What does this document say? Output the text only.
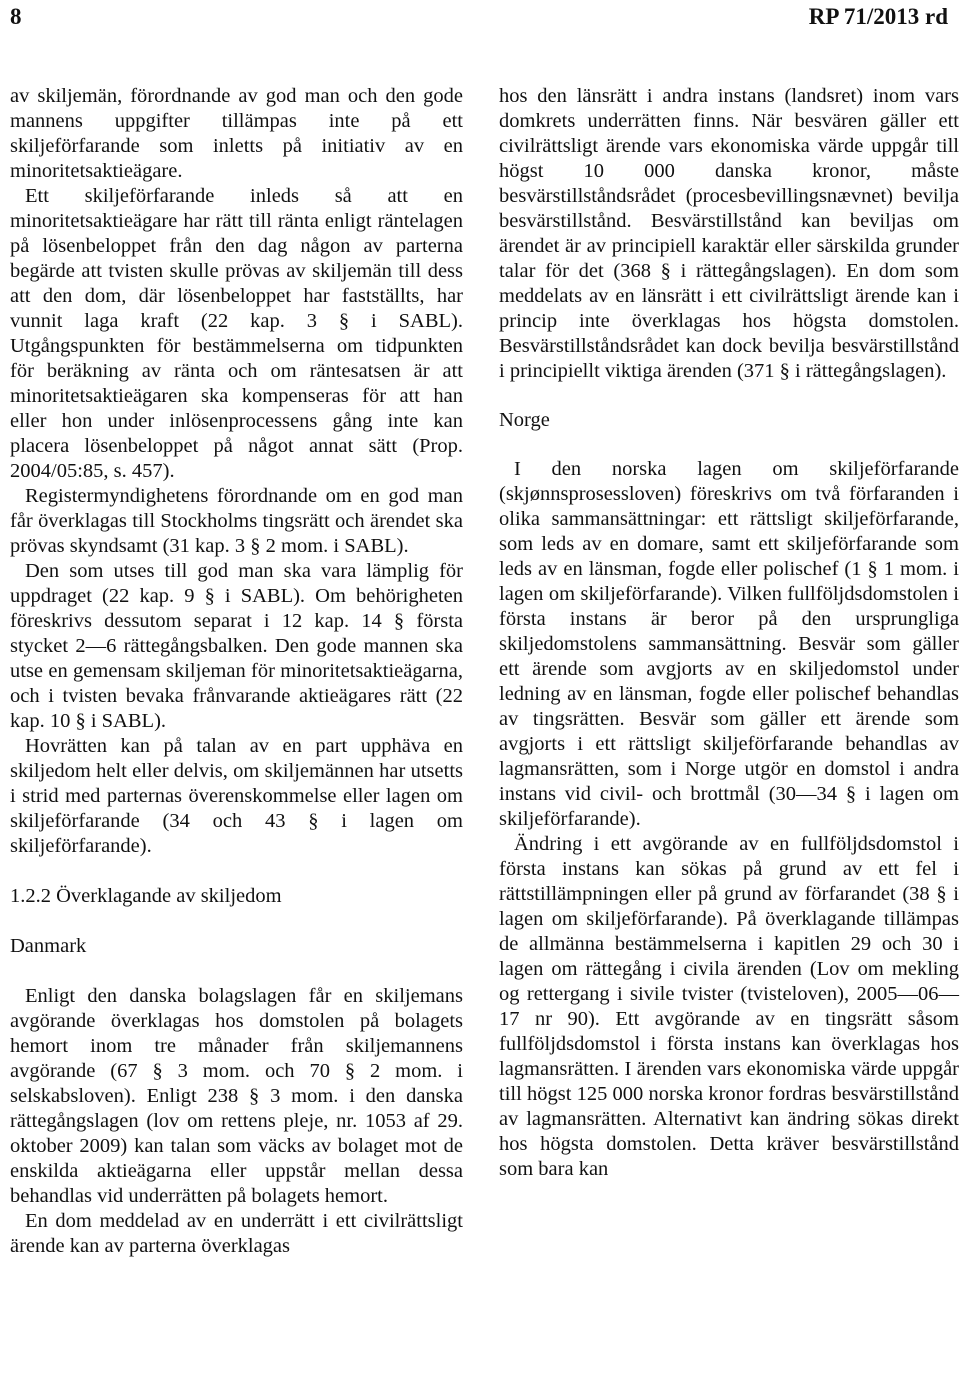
8	RP 71/2013 rd

av skiljemän, förordnande av god man och den gode mannens uppgifter tillämpas inte på ett skiljeförfarande som inletts på initiativ av en minoritetsaktieägare.

Ett skiljeförfarande inleds så att en minoritetsaktieägare har rätt till ränta enligt räntelagen på lösenbeloppet från den dag någon av parterna begärde att tvisten skulle prövas av skiljemän till dess att den dom, där lösenbeloppet har fastställts, har vunnit laga kraft (22 kap. 3 § i SABL). Utgångspunkten för bestämmelserna om tidpunkten för beräkning av ränta och om räntesatsen är att minoritetsaktieägaren ska kompenseras för att han eller hon under inlösenprocessens gång inte kan placera lösenbeloppet på något annat sätt (Prop. 2004/05:85, s. 457).

Registermyndighetens förordnande om en god man får överklagas till Stockholms tingsrätt och ärendet ska prövas skyndsamt (31 kap. 3 § 2 mom. i SABL).

Den som utses till god man ska vara lämplig för uppdraget (22 kap. 9 § i SABL). Om behörigheten föreskrivs dessutom separat i 12 kap. 14 § första stycket 2—6 rättegångsbalken. Den gode mannen ska utse en gemensam skiljeman för minoritetsaktieägarna, och i tvisten bevaka frånvarande aktieägares rätt (22 kap. 10 § i SABL).

Hovrätten kan på talan av en part upphäva en skiljedom helt eller delvis, om skiljemännen har utsetts i strid med parternas överenskommelse eller lagen om skiljeförfarande (34 och 43 § i lagen om skiljeförfarande).

1.2.2 Överklagande av skiljedom

Danmark

Enligt den danska bolagslagen får en skiljemans avgörande överklagas hos domstolen på bolagets hemort inom tre månader från skiljemannens avgörande (67 § 3 mom. och 70 § 2 mom. i selskabsloven). Enligt 238 § 3 mom. i den danska rättegångslagen (lov om rettens pleje, nr. 1053 af 29. oktober 2009) kan talan som väcks av bolaget mot de enskilda aktieägarna eller uppstår mellan dessa behandlas vid underrätten på bolagets hemort.

En dom meddelad av en underrätt i ett civilrättsligt ärende kan av parterna överklagas

hos den länsrätt i andra instans (landsret) inom vars domkrets underrätten finns. När besvären gäller ett civilrättsligt ärende vars ekonomiska värde uppgår till högst 10 000 danska kronor, måste besvärstillståndsrådet (procesbevillingsnævnet) bevilja besvärstillstånd. Besvärstillstånd kan beviljas om ärendet är av principiell karaktär eller särskilda grunder talar för det (368 § i rättegångslagen). En dom som meddelats av en länsrätt i ett civilrättsligt ärende kan i princip inte överklagas hos högsta domstolen. Besvärstillståndsrådet kan dock bevilja besvärstillstånd i principiellt viktiga ärenden (371 § i rättegångslagen).

Norge

I den norska lagen om skiljeförfarande (skjønnsprosessloven) föreskrivs om två förfaranden i olika sammansättningar: ett rättsligt skiljeförfarande, som leds av en domare, samt ett skiljeförfarande som leds av en länsman, fogde eller polischef (1 § 1 mom. i lagen om skiljeförfarande). Vilken fullföljdsdomstolen i första instans är beror på den ursprungliga skiljedomstolens sammansättning. Besvär som gäller ett ärende som avgjorts av en skiljedomstol under ledning av en länsman, fogde eller polischef behandlas av tingsrätten. Besvär som gäller ett ärende som avgjorts i ett rättsligt skiljeförfarande behandlas av lagmansrätten, som i Norge utgör en domstol i andra instans vid civil- och brottmål (30—34 § i lagen om skiljeförfarande).

Ändring i ett avgörande av en fullföljdsdomstol i första instans kan sökas på grund av ett fel i rättstillämpningen eller på grund av förfarandet (38 § i lagen om skiljeförfarande). På överklagande tillämpas de allmänna bestämmelserna i kapitlen 29 och 30 i lagen om rättegång i civila ärenden (Lov om mekling og rettergang i sivile tvister (tvisteloven), 2005—06—17 nr 90). Ett avgörande av en tingsrätt såsom fullföljdsdomstol i första instans kan överklagas hos lagmansrätten. I ärenden vars ekonomiska värde uppgår till högst 125 000 norska kronor fordras besvärstillstånd av lagmansrätten. Alternativt kan ändring sökas direkt hos högsta domstolen. Detta kräver besvärstillstånd som bara kan
